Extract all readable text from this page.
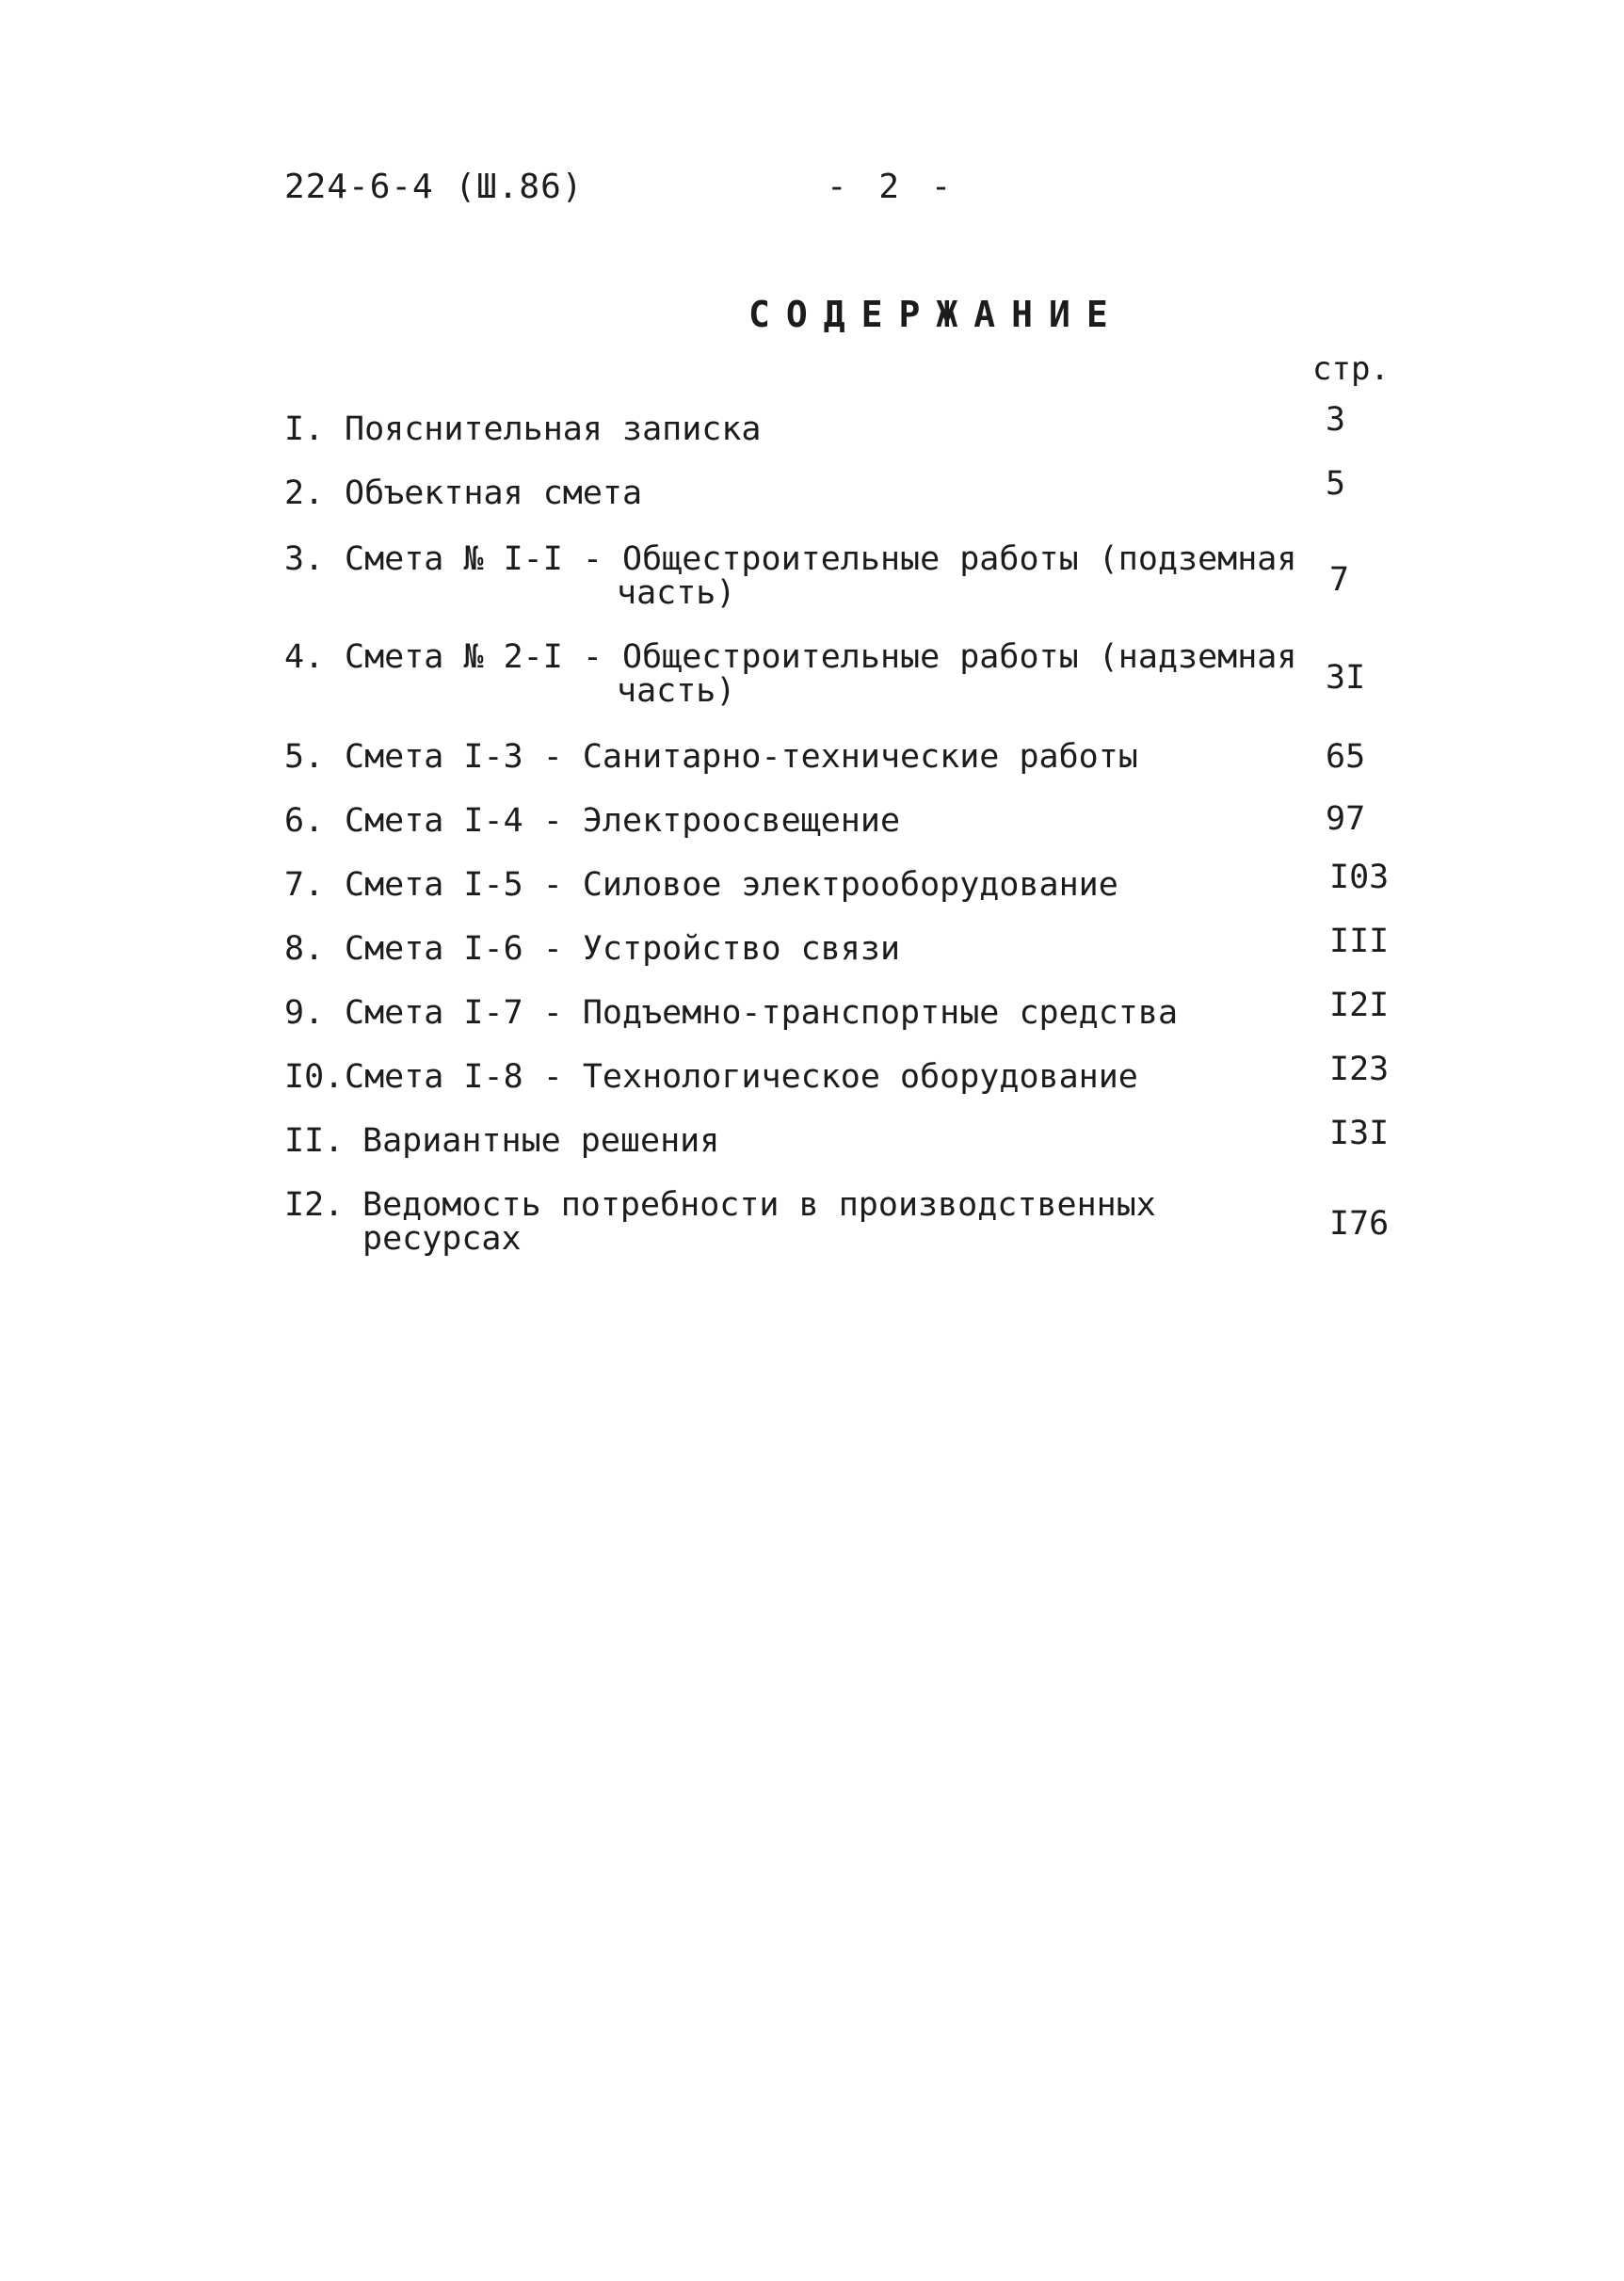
224-6-4 (Ш.86)	- 2 -
СОДЕРЖАНИЕ
стр.
I. Пояснительная записка	3
2. Объектная смета	5
3. Смета № I-I - Общестроительные работы (подземная
часть)	7
4. Смета № 2-I - Общестроительные работы (надземная
часть)	3I
5. Смета I-3 - Санитарно-технические работы	65
6. Смета I-4 - Электроосвещение	97
7. Смета I-5 - Силовое электрооборудование	I03
8. Смета I-6 - Устройство связи	III
9. Смета I-7 - Подъемно-транспортные средства	I2I
I0.Смета I-8 - Технологическое оборудование	I23
II. Вариантные решения	I3I
I2. Ведомость потребности в производственных
ресурсах	I76
